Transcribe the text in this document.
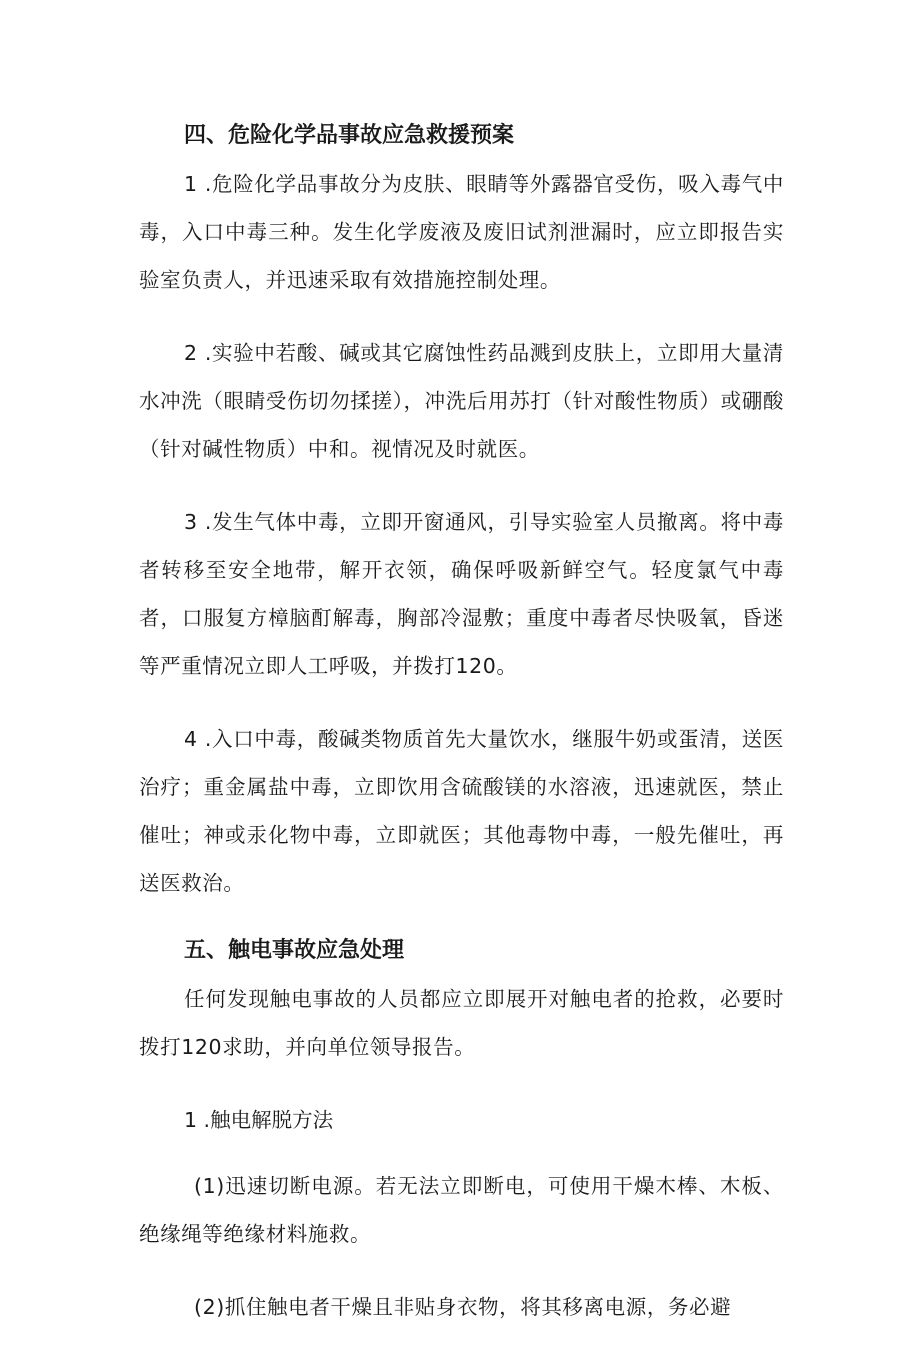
四、危险化学品事故应急救援预案

1 .危险化学品事故分为皮肤、眼睛等外露器官受伤，吸入毒气中毒，入口中毒三种。发生化学废液及废旧试剂泄漏时，应立即报告实验室负责人，并迅速采取有效措施控制处理。

2 .实验中若酸、碱或其它腐蚀性药品溅到皮肤上，立即用大量清水冲洗（眼睛受伤切勿揉搓），冲洗后用苏打（针对酸性物质）或硼酸（针对碱性物质）中和。视情况及时就医。

3 .发生气体中毒，立即开窗通风，引导实验室人员撤离。将中毒者转移至安全地带，解开衣领，确保呼吸新鲜空气。轻度氯气中毒者，口服复方樟脑酊解毒，胸部冷湿敷；重度中毒者尽快吸氧，昏迷等严重情况立即人工呼吸，并拨打120。

4 .入口中毒，酸碱类物质首先大量饮水，继服牛奶或蛋清，送医治疗；重金属盐中毒，立即饮用含硫酸镁的水溶液，迅速就医，禁止催吐；神或汞化物中毒，立即就医；其他毒物中毒，一般先催吐，再送医救治。

五、触电事故应急处理

任何发现触电事故的人员都应立即展开对触电者的抢救，必要时拨打120求助，并向单位领导报告。

1 .触电解脱方法

(1)迅速切断电源。若无法立即断电，可使用干燥木棒、木板、绝缘绳等绝缘材料施救。

(2)抓住触电者干燥且非贴身衣物，将其移离电源，务必避
